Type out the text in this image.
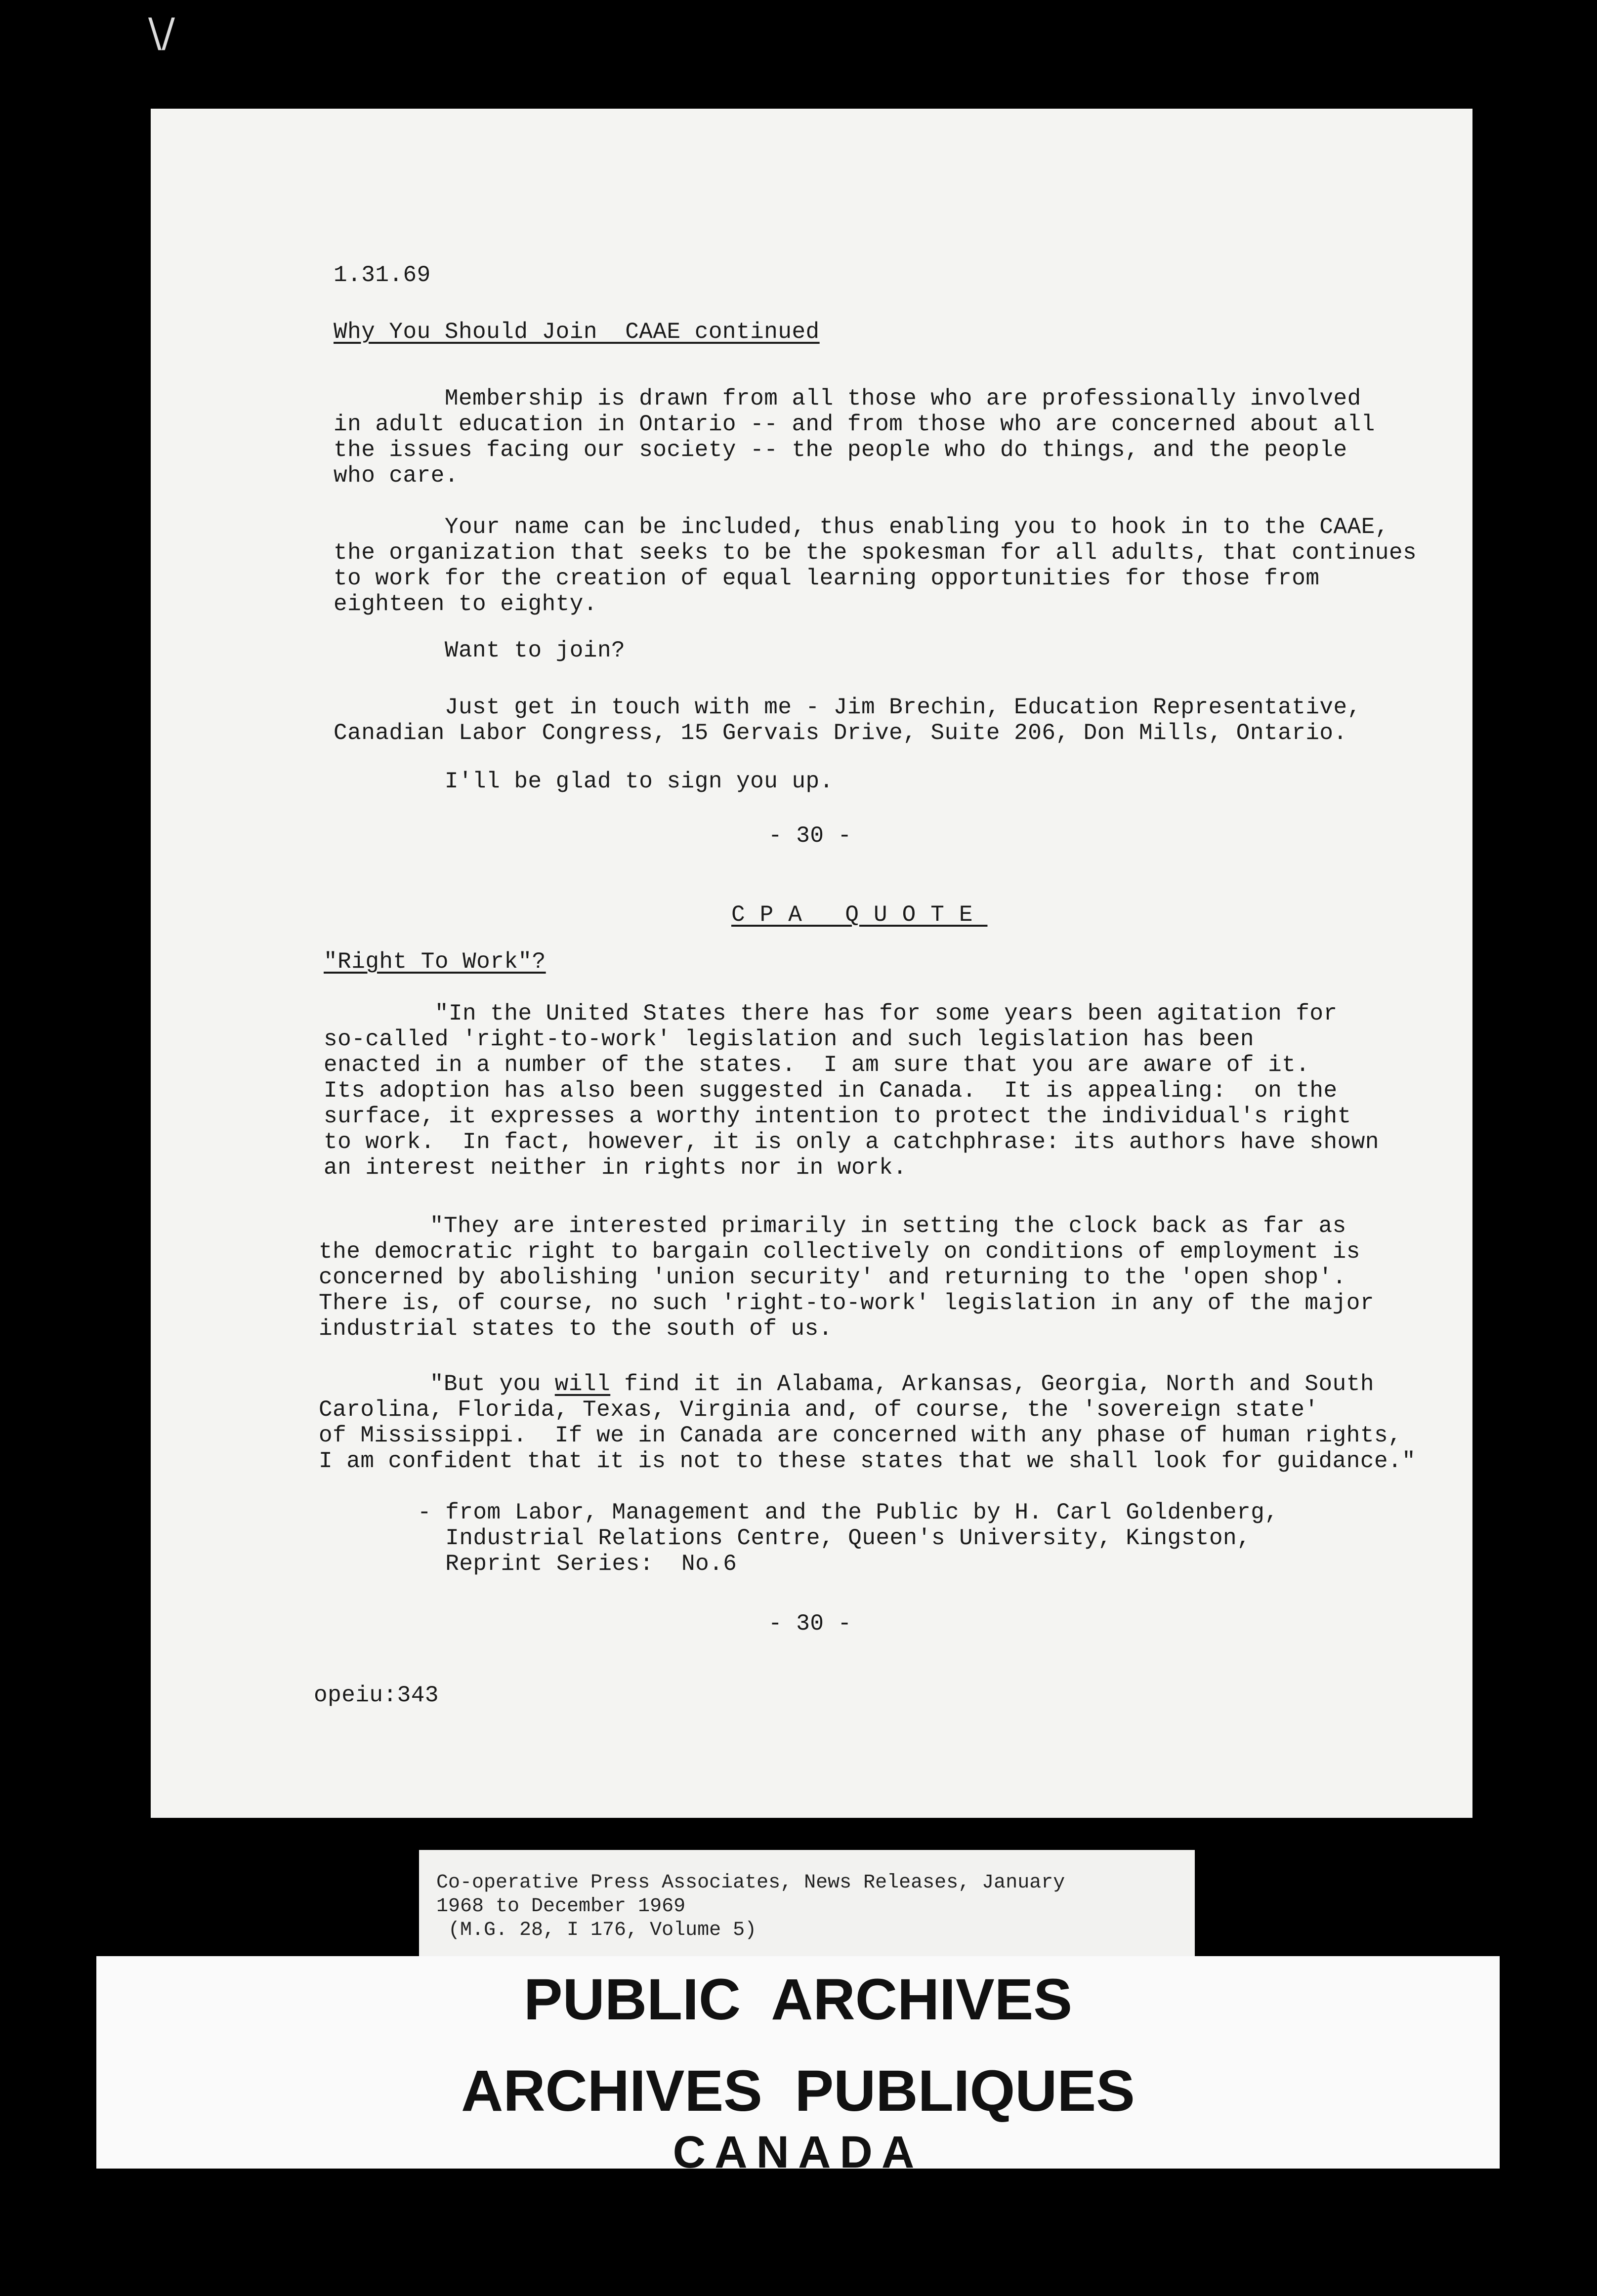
\/
1.31.69
Why You Should Join  CAAE continued
Membership is drawn from all those who are professionally involved
in adult education in Ontario -- and from those who are concerned about all
the issues facing our society -- the people who do things, and the people
who care.
Your name can be included, thus enabling you to hook in to the CAAE,
the organization that seeks to be the spokesman for all adults, that continues
to work for the creation of equal learning opportunities for those from
eighteen to eighty.
Want to join?
Just get in touch with me - Jim Brechin, Education Representative,
Canadian Labor Congress, 15 Gervais Drive, Suite 206, Don Mills, Ontario.
I'll be glad to sign you up.
- 30 -
CPA QUOTE
"Right To Work"?
"In the United States there has for some years been agitation for
so-called 'right-to-work' legislation and such legislation has been
enacted in a number of the states.  I am sure that you are aware of it.
Its adoption has also been suggested in Canada.  It is appealing:  on the
surface, it expresses a worthy intention to protect the individual's right
to work.  In fact, however, it is only a catchphrase: its authors have shown
an interest neither in rights nor in work.
"They are interested primarily in setting the clock back as far as
the democratic right to bargain collectively on conditions of employment is
concerned by abolishing 'union security' and returning to the 'open shop'.
There is, of course, no such 'right-to-work' legislation in any of the major
industrial states to the south of us.
"But you will find it in Alabama, Arkansas, Georgia, North and South
Carolina, Florida, Texas, Virginia and, of course, the 'sovereign state'
of Mississippi.  If we in Canada are concerned with any phase of human rights,
I am confident that it is not to these states that we shall look for guidance."
- from Labor, Management and the Public by H. Carl Goldenberg,
Industrial Relations Centre, Queen's University, Kingston,
Reprint Series:  No.6
- 30 -
opeiu:343
Co-operative Press Associates, News Releases, January
1968 to December 1969
(M.G. 28, I 176, Volume 5)
PUBLIC  ARCHIVES
ARCHIVES  PUBLIQUES
CANADA
